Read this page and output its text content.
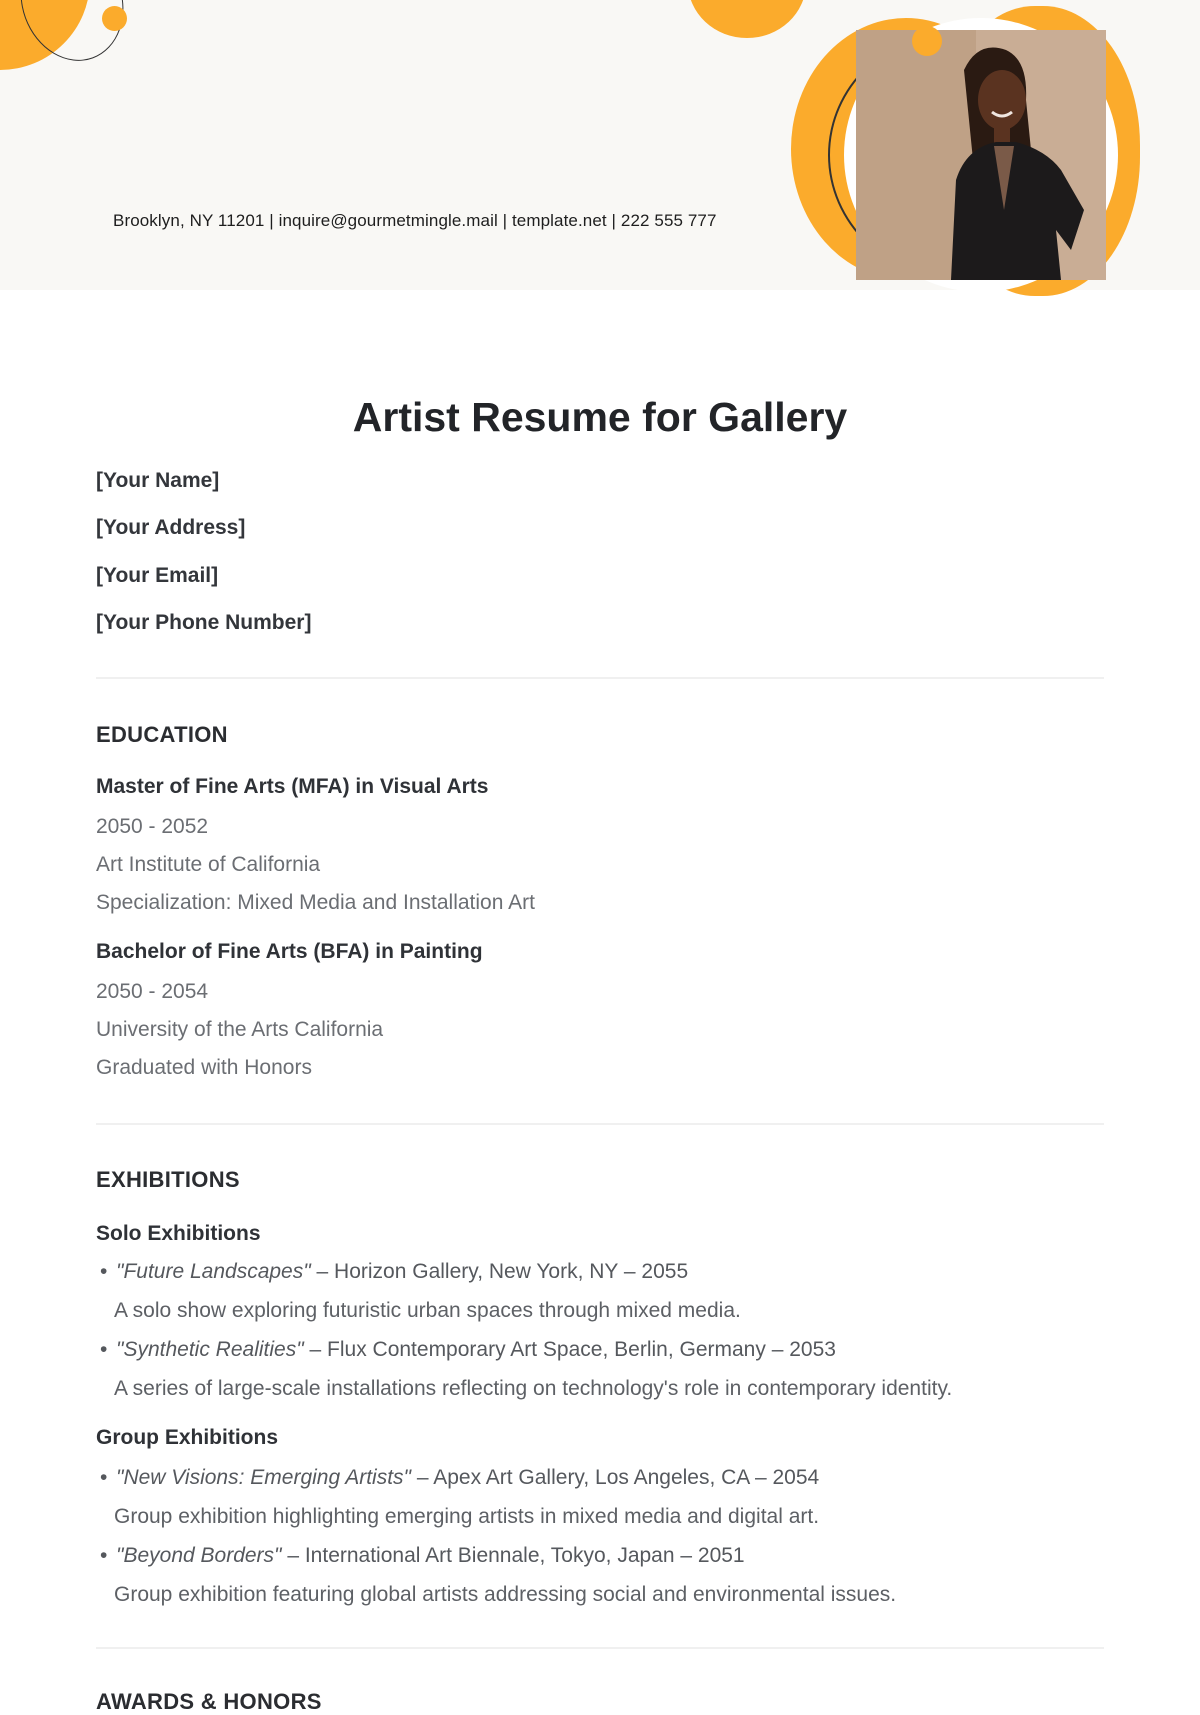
Brooklyn, NY 11201 | inquire@gourmetmingle.mail | template.net | 222 555 777
Artist Resume for Gallery
[Your Name]
[Your Address]
[Your Email]
[Your Phone Number]
EDUCATION
Master of Fine Arts (MFA) in Visual Arts
2050 - 2052
Art Institute of California
Specialization: Mixed Media and Installation Art
Bachelor of Fine Arts (BFA) in Painting
2050 - 2054
University of the Arts California
Graduated with Honors
EXHIBITIONS
Solo Exhibitions
• "Future Landscapes" – Horizon Gallery, New York, NY – 2055
A solo show exploring futuristic urban spaces through mixed media.
• "Synthetic Realities" – Flux Contemporary Art Space, Berlin, Germany – 2053
A series of large-scale installations reflecting on technology's role in contemporary identity.
Group Exhibitions
• "New Visions: Emerging Artists" – Apex Art Gallery, Los Angeles, CA – 2054
Group exhibition highlighting emerging artists in mixed media and digital art.
• "Beyond Borders" – International Art Biennale, Tokyo, Japan – 2051
Group exhibition featuring global artists addressing social and environmental issues.
AWARDS & HONORS
